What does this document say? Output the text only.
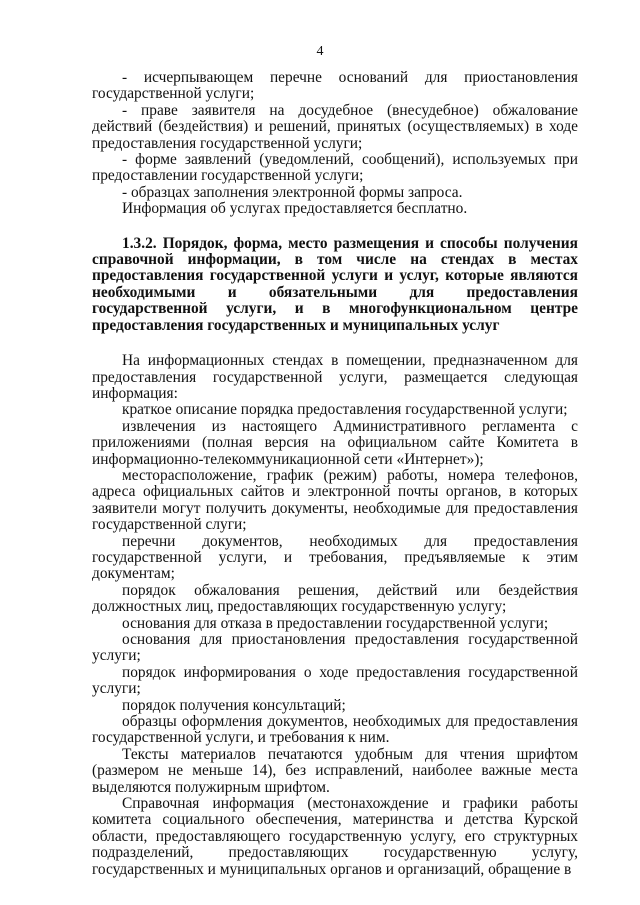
4

- исчерпывающем перечне оснований для приостановления государственной услуги;

- праве заявителя на досудебное (внесудебное) обжалование действий (бездействия) и решений, принятых (осуществляемых) в ходе предоставления государственной услуги;

- форме заявлений (уведомлений, сообщений), используемых при предоставлении государственной услуги;

- образцах заполнения электронной формы запроса.

Информация об услугах предоставляется бесплатно.

1.3.2. Порядок, форма, место размещения и способы получения справочной информации, в том числе на стендах в местах предоставления государственной услуги и услуг, которые являются необходимыми и обязательными для предоставления государственной услуги, и в многофункциональном центре предоставления государственных и муниципальных услуг

На информационных стендах в помещении, предназначенном для предоставления государственной услуги, размещается следующая информация:

краткое описание порядка предоставления государственной услуги;

извлечения из настоящего Административного регламента с приложениями (полная версия на официальном сайте Комитета в информационно-телекоммуникационной сети «Интернет»);

месторасположение, график (режим) работы, номера телефонов, адреса официальных сайтов и электронной почты органов, в которых заявители могут получить документы, необходимые для предоставления государственной слуги;

перечни документов, необходимых для предоставления государственной услуги, и требования, предъявляемые к этим документам;

порядок обжалования решения, действий или бездействия должностных лиц, предоставляющих государственную услугу;

основания для отказа в предоставлении государственной услуги;

основания для приостановления предоставления государственной услуги;

порядок информирования о ходе предоставления государственной услуги;

порядок получения консультаций;

образцы оформления документов, необходимых для предоставления государственной услуги, и требования к ним.

Тексты материалов печатаются удобным для чтения шрифтом (размером не меньше 14), без исправлений, наиболее важные места выделяются полужирным шрифтом.

Справочная информация (местонахождение и графики работы комитета социального обеспечения, материнства и детства Курской области, предоставляющего государственную услугу, его структурных подразделений, предоставляющих государственную услугу, государственных и муниципальных органов и организаций, обращение в
